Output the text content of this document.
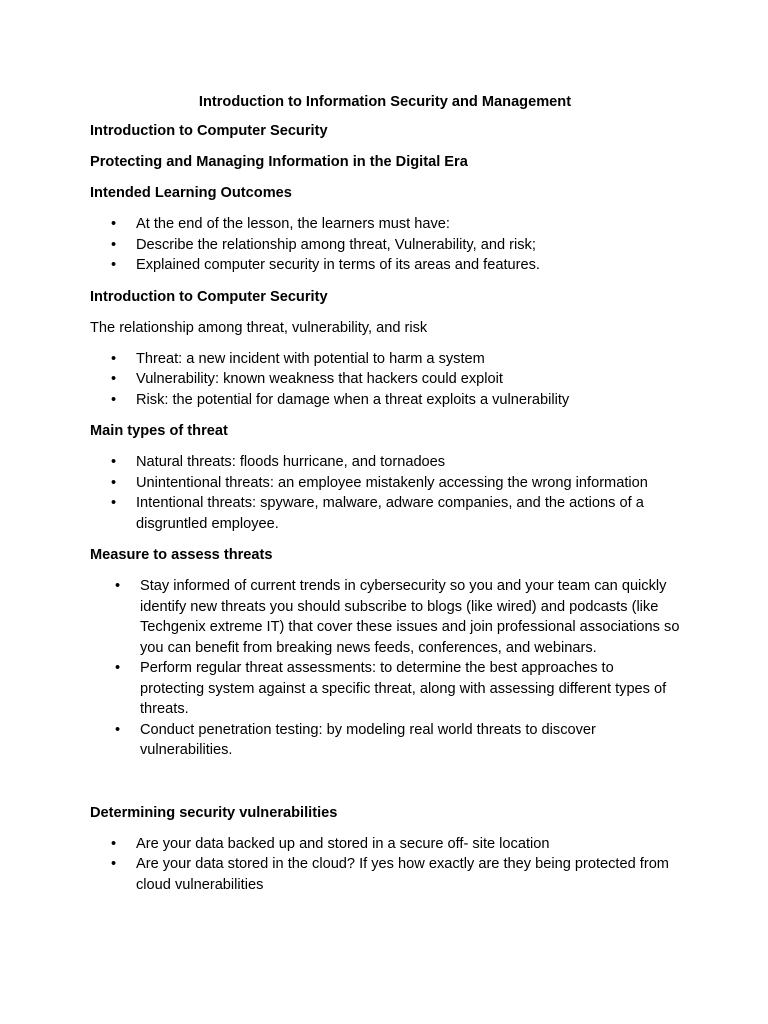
Introduction to Information Security and Management
Introduction to Computer Security
Protecting and Managing Information in the Digital Era
Intended Learning Outcomes
• At the end of the lesson, the learners must have:
• Describe the relationship among threat, Vulnerability, and risk;
• Explained computer security in terms of its areas and features.
Introduction to Computer Security
The relationship among threat, vulnerability, and risk
• Threat: a new incident with potential to harm a system
• Vulnerability: known weakness that hackers could exploit
• Risk: the potential for damage when a threat exploits a vulnerability
Main types of threat
• Natural threats: floods hurricane, and tornadoes
• Unintentional threats: an employee mistakenly accessing the wrong information
• Intentional threats: spyware, malware, adware companies, and the actions of a disgruntled employee.
Measure to assess threats
• Stay informed of current trends in cybersecurity so you and your team can quickly identify new threats you should subscribe to blogs (like wired) and podcasts (like Techgenix extreme IT) that cover these issues and join professional associations so you can benefit from breaking news feeds, conferences, and webinars.
• Perform regular threat assessments: to determine the best approaches to protecting system against a specific threat, along with assessing different types of threats.
• Conduct penetration testing: by modeling real world threats to discover vulnerabilities.
Determining security vulnerabilities
• Are your data backed up and stored in a secure off- site location
• Are your data stored in the cloud? If yes how exactly are they being protected from cloud vulnerabilities
